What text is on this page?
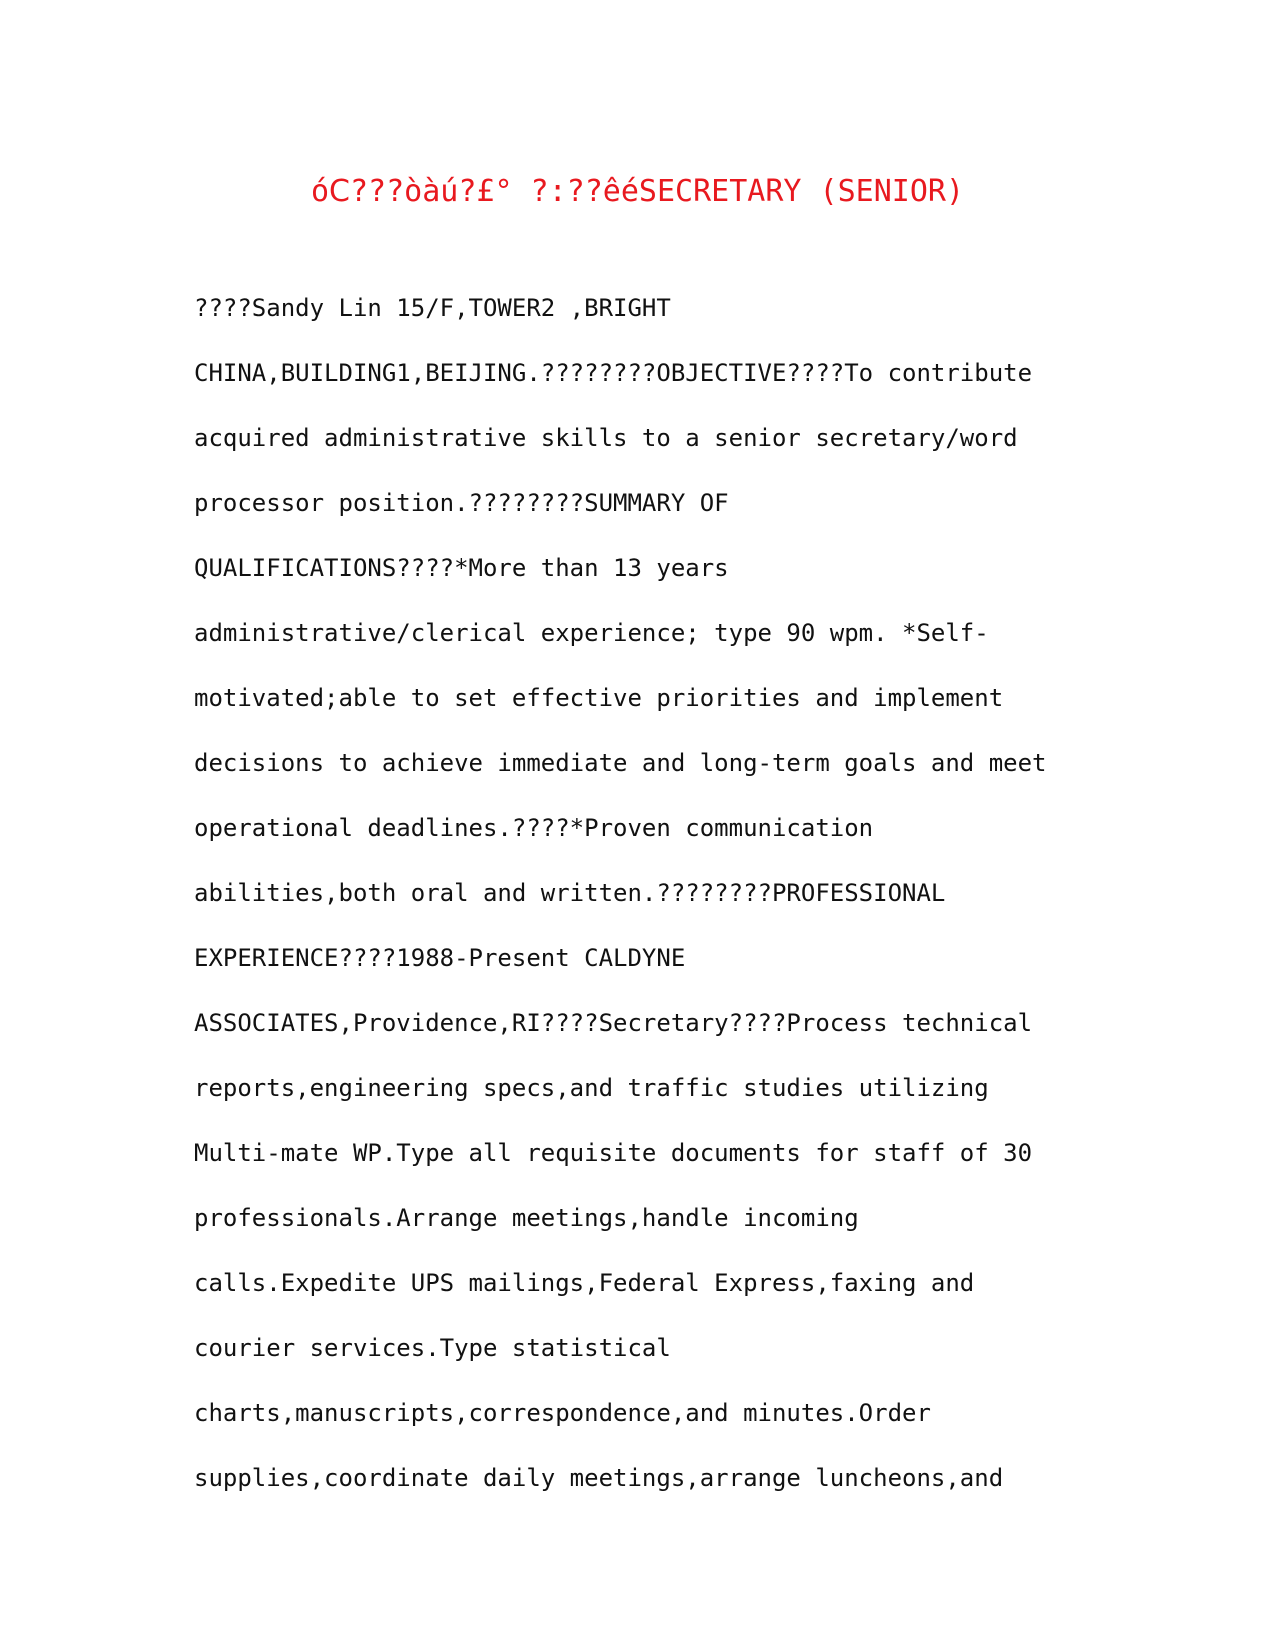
óⅭ???òàú?£° ?:??êéSECRETARY (SENIOR)
????Sandy Lin 15/F,TOWER2 ,BRIGHT
CHINA,BUILDING1,BEIJING.????????OBJECTIVE????To contribute
acquired administrative skills to a senior secretary/word
processor position.????????SUMMARY OF
QUALIFICATIONS????*More than 13 years
administrative/clerical experience; type 90 wpm. *Self-
motivated;able to set effective priorities and implement
decisions to achieve immediate and long-term goals and meet
operational deadlines.????*Proven communication
abilities,both oral and written.????????PROFESSIONAL
EXPERIENCE????1988-Present CALDYNE
ASSOCIATES,Providence,RI????Secretary????Process technical
reports,engineering specs,and traffic studies utilizing
Multi-mate WP.Type all requisite documents for staff of 30
professionals.Arrange meetings,handle incoming
calls.Expedite UPS mailings,Federal Express,faxing and
courier services.Type statistical
charts,manuscripts,correspondence,and minutes.Order
supplies,coordinate daily meetings,arrange luncheons,and
